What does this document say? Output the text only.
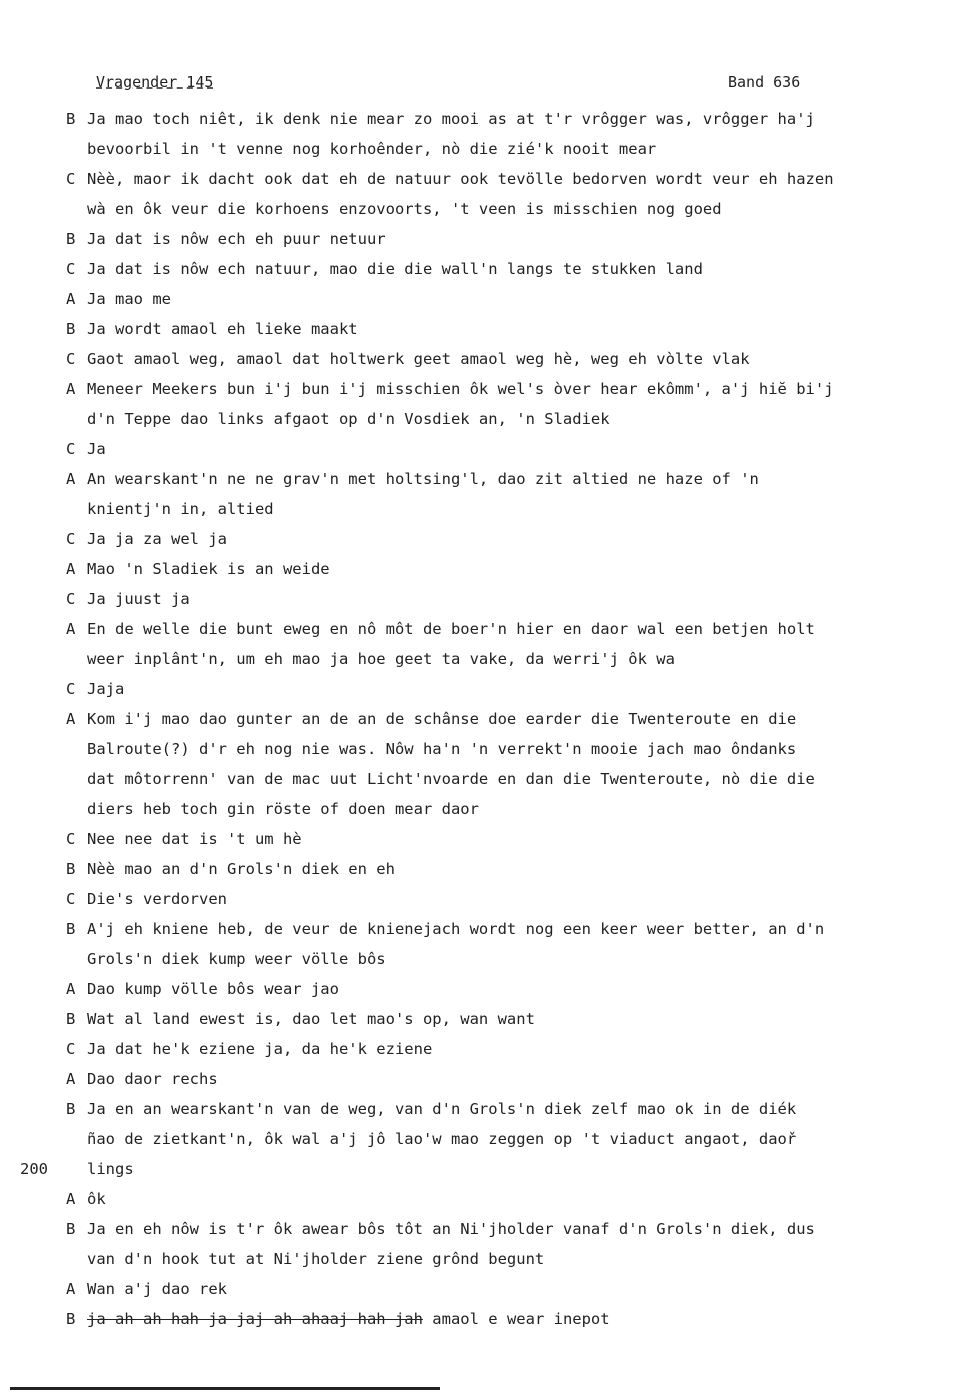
Vragender 145	Band 636
B Ja mao toch niêt, ik denk nie mear zo mooi as at t'r vrôgger was, vrôgger ha'j
bevoorbil in 't venne nog korhoênder, nò die zié'k nooit mear
C Nèè, maor ik dacht ook dat eh de natuur ook tevölle bedorven wordt veur eh hazen
wà en ôk veur die korhoens enzovoorts, 't veen is misschien nog goed
B Ja dat is nôw ech eh puur netuur
C Ja dat is nôw ech natuur, mao die die wall'n langs te stukken land
A Ja mao me
B Ja wordt amaol eh lieke maakt
C Gaot amaol weg, amaol dat holtwerk geet amaol weg hè, weg eh vòlte vlak
A Meneer Meekers bun i'j bun i'j misschien ôk wel's òver hear ekômm', a'j hiĕ bi'j
d'n Teppe dao links afgaot op d'n Vosdiek an, 'n Sladiek
C Ja
A An wearskant'n ne ne grav'n met holtsing'l, dao zit altied ne haze of 'n
knientj'n in, altied
C Ja ja za wel ja
A Mao 'n Sladiek is an weide
C Ja juust ja
A En de welle die bunt eweg en nô môt de boer'n hier en daor wal een betjen holt
weer inplânt'n, um eh mao ja hoe geet ta vake, da werri'j ôk wa
C Jaja
A Kom i'j mao dao gunter an de an de schânse doe earder die Twenteroute en die
Balroute(?) d'r eh nog nie was. Nôw ha'n 'n verrekt'n mooie jach mao ôndanks
dat môtorrenn' van de mac uut Licht'nvoarde en dan die Twenteroute, nò die die
diers heb toch gin röste of doen mear daor
C Nee nee dat is 't um hè
B Nèè mao an d'n Grols'n diek en eh
C Die's verdorven
B A'j eh kniene heb, de veur de knienejach wordt nog een keer weer better, an d'n
Grols'n diek kump weer völle bôs
A Dao kump völle bôs wear jao
B Wat al land ewest is, dao let mao's op, wan want
C Ja dat he'k eziene ja, da he'k eziene
A Dao daor rechs
B Ja en an wearskant'n van de weg, van d'n Grols'n diek zelf mao ok in de diék
ñao de zietkant'n, ôk wal a'j jô lao'w mao zeggen op 't viaduct angaot, daoř
200	lings
A ôk
B Ja en eh nôw is t'r ôk awear bôs tôt an Ni'jholder vanaf d'n Grols'n diek, dus
van d'n hook tut at Ni'jholder ziene grônd begunt
A Wan a'j dao rek
B ja ah ah hah ja jaj ah ahaaj hah jah amaol e wear inepot
